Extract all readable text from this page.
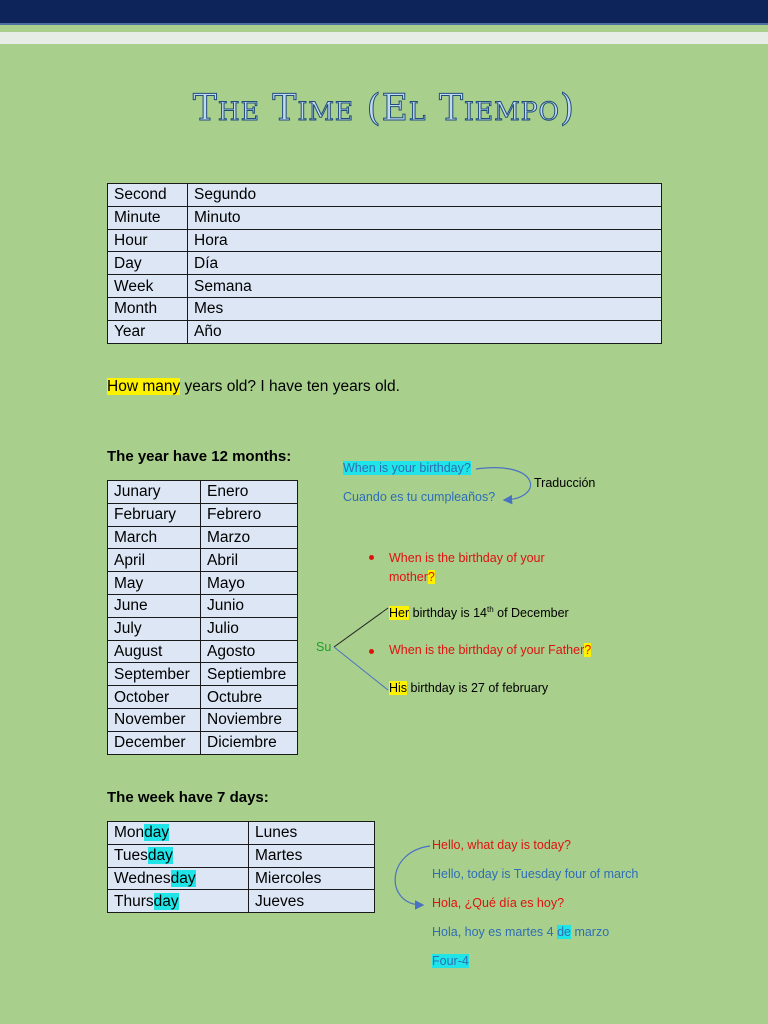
The Time (El Tiempo)
Second	Segundo
Minute	Minuto
Hour	Hora
Day	Día
Week	Semana
Month	Mes
Year	Año
How many years old? I have ten years old.
The year have 12 months:
Junary	Enero
February	Febrero
March	Marzo
April	Abril
May	Mayo
June	Junio
July	Julio
August	Agosto
September	Septiembre
October	Octubre
November	Noviembre
December	Diciembre
When is your birthday?
Traducción
Cuando es tu cumpleaños?
When is the birthday of your mother?
Her birthday is 14th of December
Su	When is the birthday of your Father?
His birthday is 27 of february
The week have 7 days:
Monday	Lunes
Tuesday	Martes
Wednesday	Miercoles
Thursday	Jueves
Hello, what day is today?
Hello, today is Tuesday four of march
Hola, ¿Qué día es hoy?
Hola, hoy es martes 4 de marzo
Four-4
